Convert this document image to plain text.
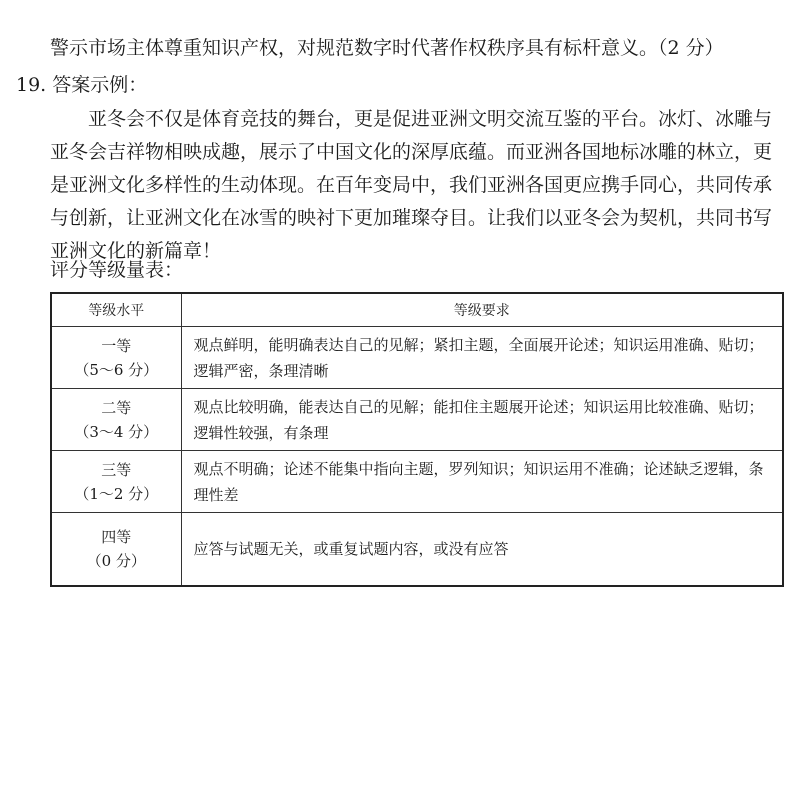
警示市场主体尊重知识产权，对规范数字时代著作权秩序具有标杆意义。（2 分）
19. 答案示例：
亚冬会不仅是体育竞技的舞台，更是促进亚洲文明交流互鉴的平台。冰灯、冰雕与亚冬会吉祥物相映成趣，展示了中国文化的深厚底蕴。而亚洲各国地标冰雕的林立，更是亚洲文化多样性的生动体现。在百年变局中，我们亚洲各国更应携手同心，共同传承与创新，让亚洲文化在冰雪的映衬下更加璀璨夺目。让我们以亚冬会为契机，共同书写亚洲文化的新篇章！
评分等级量表：
等级水平	等级要求

一等
（5～6 分）	观点鲜明，能明确表达自己的见解；紧扣主题，全面展开论述；知识运用准确、贴切；逻辑严密，条理清晰

二等
（3～4 分）	观点比较明确，能表达自己的见解；能扣住主题展开论述；知识运用比较准确、贴切；逻辑性较强，有条理

三等
（1～2 分）	观点不明确；论述不能集中指向主题，罗列知识；知识运用不准确；论述缺乏逻辑，条理性差

四等
（0 分）	应答与试题无关，或重复试题内容，或没有应答
